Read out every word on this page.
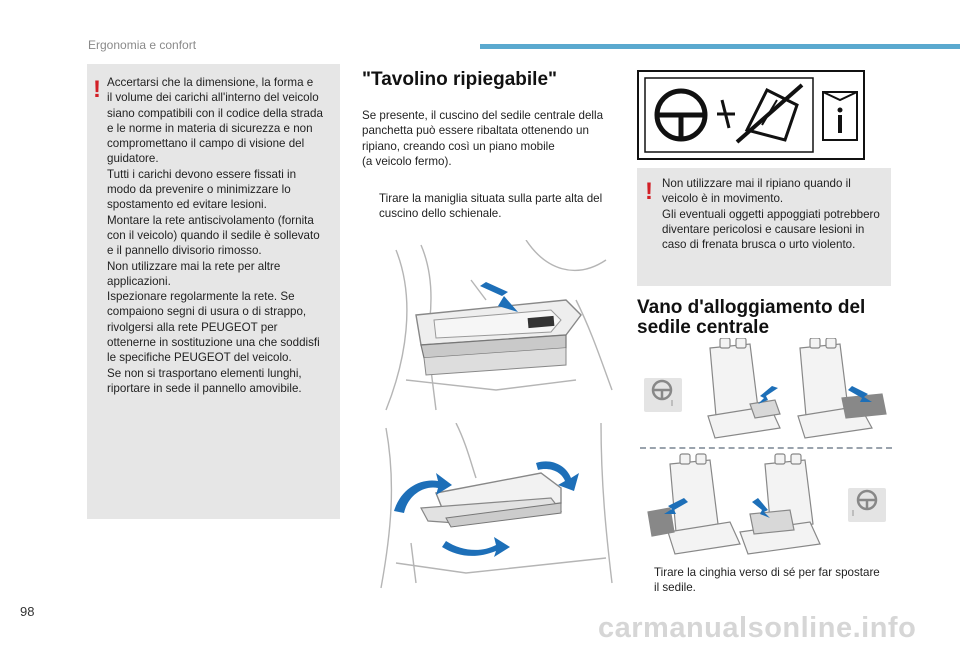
Ergonomia e confort
! Accertarsi che la dimensione, la forma e
il volume dei carichi all'interno del veicolo
siano compatibili con il codice della strada
e le norme in materia di sicurezza e non
compromettano il campo di visione del
guidatore.
Tutti i carichi devono essere fissati in
modo da prevenire o minimizzare lo
spostamento ed evitare lesioni.
Montare la rete antiscivolamento (fornita
con il veicolo) quando il sedile è sollevato
e il pannello divisorio rimosso.
Non utilizzare mai la rete per altre
applicazioni.
Ispezionare regolarmente la rete. Se
compaiono segni di usura o di strappo,
rivolgersi alla rete PEUGEOT per
ottenerne in sostituzione una che soddisfi
le specifiche PEUGEOT del veicolo.
Se non si trasportano elementi lunghi,
riportare in sede il pannello amovibile.
"Tavolino ripiegabile"
Se presente, il cuscino del sedile centrale della
panchetta può essere ribaltata ottenendo un
ripiano, creando così un piano mobile
(a veicolo fermo).
Tirare la maniglia situata sulla parte alta del
cuscino dello schienale.
! Non utilizzare mai il ripiano quando il
veicolo è in movimento.
Gli eventuali oggetti appoggiati potrebbero
diventare pericolosi e causare lesioni in
caso di frenata brusca o urto violento.
Vano d'alloggiamento del
sedile centrale
Tirare la cinghia verso di sé per far spostare
il sedile.
98
carmanualsonline.info
